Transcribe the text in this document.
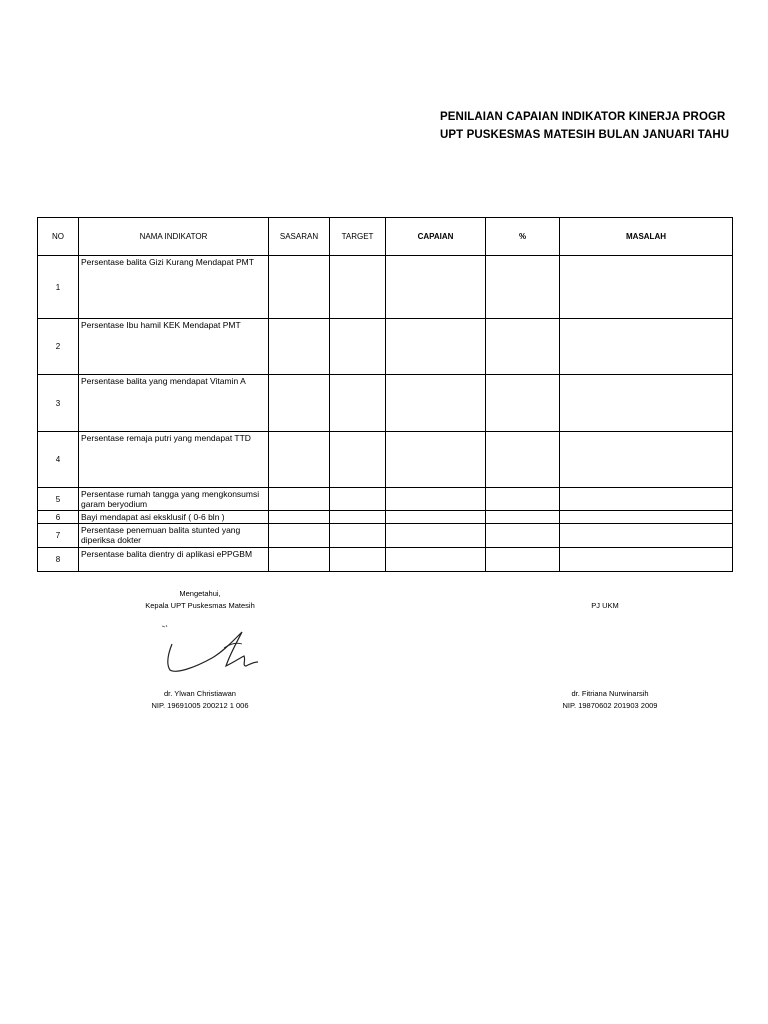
PENILAIAN CAPAIAN INDIKATOR KINERJA PROGR
UPT PUSKESMAS MATESIH BULAN JANUARI TAHU
NO	NAMA INDIKATOR	SASARAN	TARGET	CAPAIAN	%	MASALAH
1	Persentase balita Gizi Kurang Mendapat PMT					
2	Persentase Ibu hamil KEK Mendapat PMT					
3	Persentase balita yang mendapat Vitamin A					
4	Persentase remaja putri yang mendapat TTD					
5	Persentase rumah tangga yang mengkonsumsi garam beryodium					
6	Bayi mendapat asi eksklusif ( 0-6 bln )					
7	Persentase penemuan balita stunted yang diperiksa dokter					
8	Persentase balita dientry di aplikasi ePPGBM					
Mengetahui,
Kepala UPT Puskesmas Matesih
dr. Ylwan Christiawan
NIP. 19691005 200212 1 006
PJ UKM
dr. Fitriana Nurwinarsih
NIP. 19870602 201903 2009
